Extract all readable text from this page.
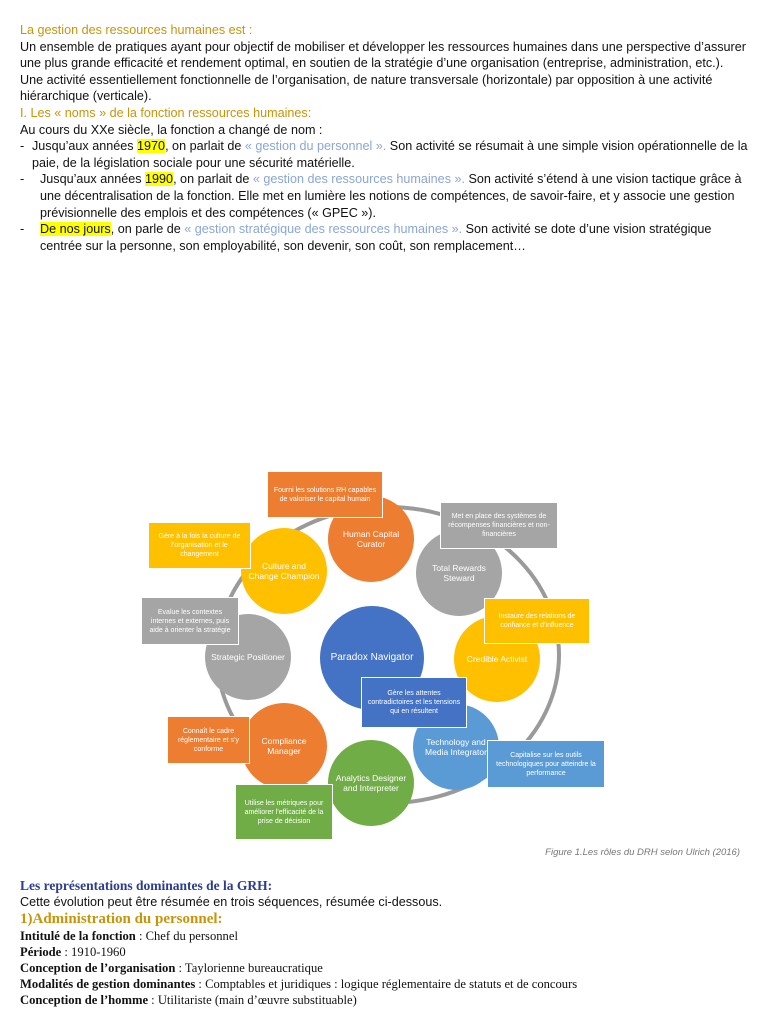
La gestion des ressources humaines est :

Un ensemble de pratiques ayant pour objectif de mobiliser et développer les ressources humaines dans une perspective d’assurer une plus grande efficacité et rendement optimal, en soutien de la stratégie d’une organisation (entreprise, administration, etc.).

Une activité essentiellement fonctionnelle de l’organisation, de nature transversale (horizontale) par opposition à une activité hiérarchique (verticale).

I. Les « noms » de la fonction ressources humaines:

Au cours du XXe siècle, la fonction a changé de nom :

- Jusqu’aux années 1970, on parlait de « gestion du personnel ». Son activité se résumait à une simple vision opérationnelle de la paie, de la législation sociale pour une sécurité matérielle.
-	Jusqu’aux années 1990, on parlait de « gestion des ressources humaines ». Son activité s’étend à une vision tactique grâce à une décentralisation de la fonction. Elle met en lumière les notions de compétences, de savoir-faire, et y associe une gestion prévisionnelle des emplois et des compétences (« GPEC »).
-	De nos jours, on parle de « gestion stratégique des ressources humaines ». Son activité se dote d’une vision stratégique centrée sur la personne, son employabilité, son devenir, son coût, son remplacement…
Paradox Navigator
Human Capital Curator
Total Rewards Steward
Credible Activist
Technology and Media Integrator
Analytics Designer and Interpreter
Compliance Manager
Strategic Positioner
Culture and Change Champion
Fourni les solutions RH capables de valoriser le capital humain
Met en place des systèmes de récompenses financières et non-financières
Instaure des relations de confiance et d’influence
Capitalise sur les outils technologiques pour atteindre la performance
Utilise les métriques pour améliorer l’efficacité de la prise de décision
Connaît le cadre réglementaire et s’y conforme
Evalue les contextes internes et externes, puis aide à orienter la stratégie
Gère à la fois la culture de l’organisation et le changement
Gère les attentes contradictoires et les tensions qui en résultent
Figure 1.Les rôles du DRH selon Ulrich (2016)

Les représentations dominantes de la GRH:

Cette évolution peut être résumée en trois séquences, résumée ci-dessous.

1)Administration du personnel:

Intitulé de la fonction : Chef du personnel

Période : 1910-1960

Conception de l’organisation : Taylorienne bureaucratique

Modalités de gestion dominantes : Comptables et juridiques : logique réglementaire de statuts et de concours

Conception de l’homme : Utilitariste (main d’œuvre substituable)
